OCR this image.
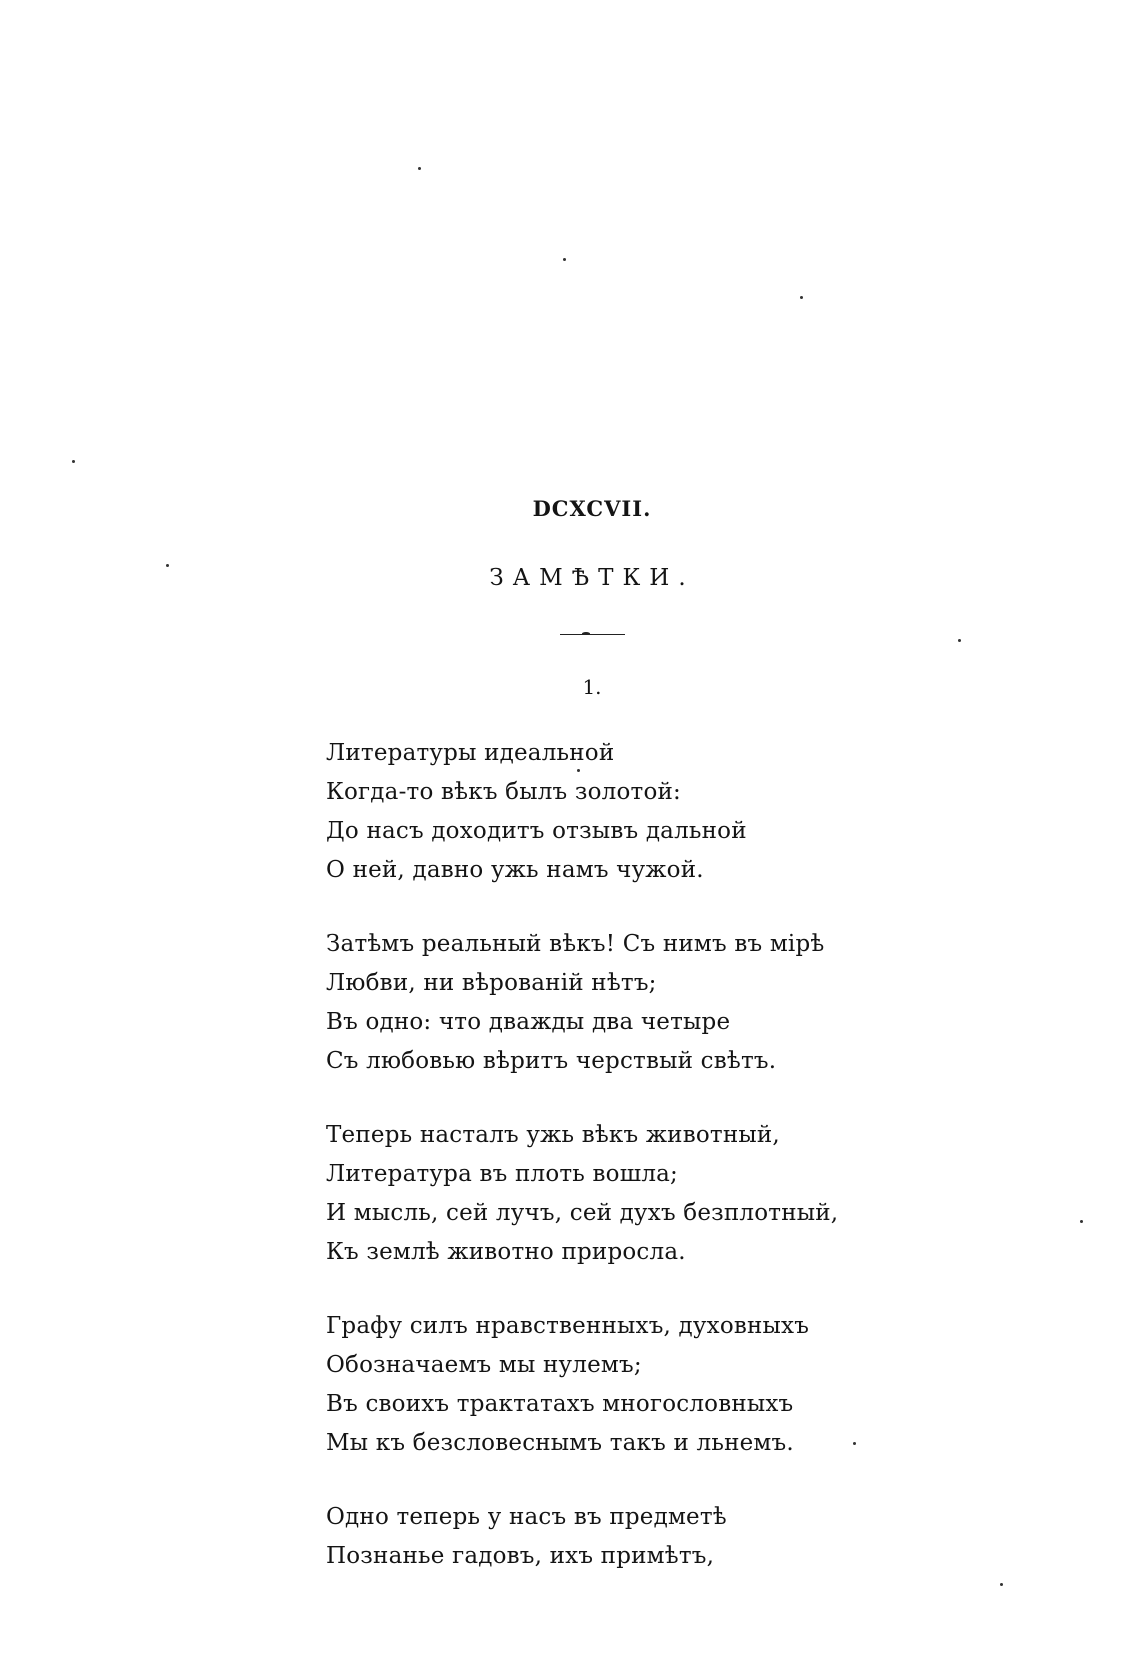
DCXCVII.
ЗАМѢТКИ.
1.
Литературы идеальной
Когда-то вѣкъ былъ золотой:
До насъ доходитъ отзывъ дальной
О ней, давно ужь намъ чужой.
Затѣмъ реальный вѣкъ! Съ нимъ въ мірѣ
Любви, ни вѣрованій нѣтъ;
Въ одно: что дважды два четыре
Съ любовью вѣритъ черствый свѣтъ.
Теперь насталъ ужь вѣкъ животный,
Литература въ плоть вошла;
И мысль, сей лучъ, сей духъ безплотный,
Къ землѣ животно приросла.
Графу силъ нравственныхъ, духовныхъ
Обозначаемъ мы нулемъ;
Въ своихъ трактатахъ многословныхъ
Мы къ безсловеснымъ такъ и льнемъ.
Одно теперь у насъ въ предметѣ
Познанье гадовъ, ихъ примѣтъ,
